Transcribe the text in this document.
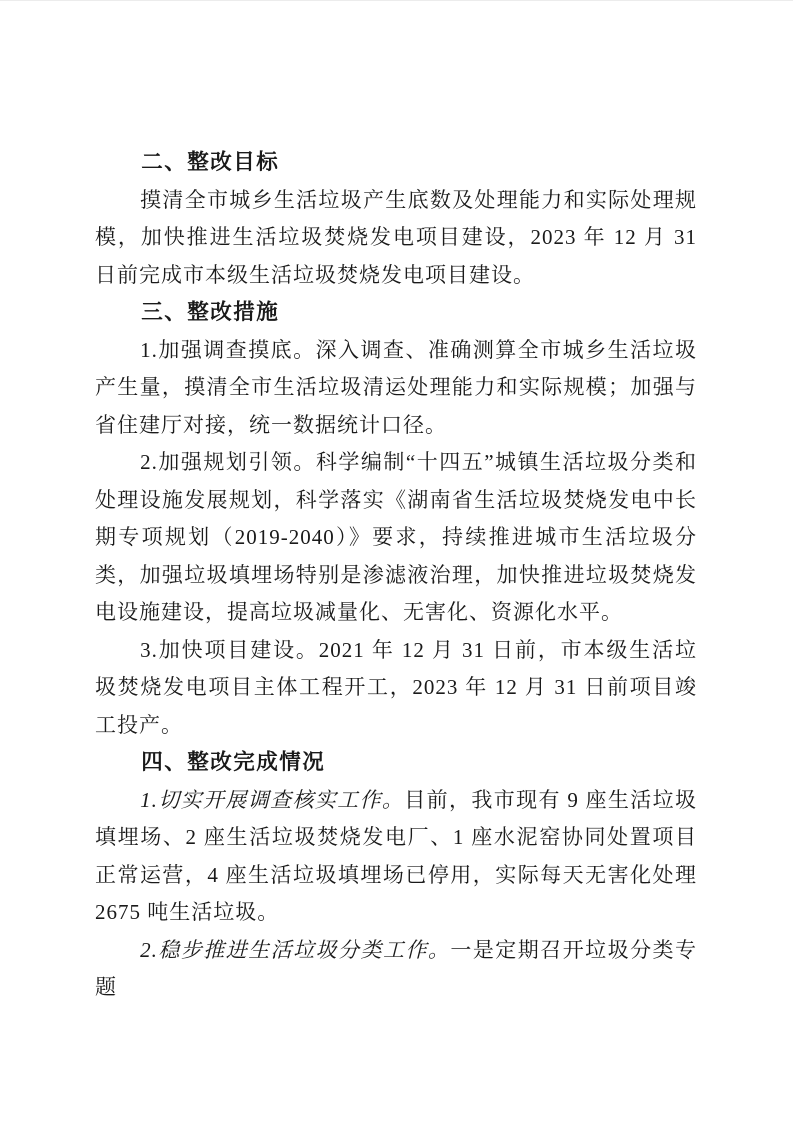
二、整改目标

摸清全市城乡生活垃圾产生底数及处理能力和实际处理规模，加快推进生活垃圾焚烧发电项目建设，2023 年 12 月 31 日前完成市本级生活垃圾焚烧发电项目建设。

三、整改措施

1.加强调查摸底。深入调查、准确测算全市城乡生活垃圾产生量，摸清全市生活垃圾清运处理能力和实际规模；加强与省住建厅对接，统一数据统计口径。

2.加强规划引领。科学编制“十四五”城镇生活垃圾分类和处理设施发展规划，科学落实《湖南省生活垃圾焚烧发电中长期专项规划（2019-2040）》要求，持续推进城市生活垃圾分类，加强垃圾填埋场特别是渗滤液治理，加快推进垃圾焚烧发电设施建设，提高垃圾减量化、无害化、资源化水平。

3.加快项目建设。2021 年 12 月 31 日前，市本级生活垃圾焚烧发电项目主体工程开工，2023 年 12 月 31 日前项目竣工投产。

四、整改完成情况

1.切实开展调查核实工作。目前，我市现有 9 座生活垃圾填埋场、2 座生活垃圾焚烧发电厂、1 座水泥窑协同处置项目正常运营，4 座生活垃圾填埋场已停用，实际每天无害化处理 2675 吨生活垃圾。

2.稳步推进生活垃圾分类工作。一是定期召开垃圾分类专题
